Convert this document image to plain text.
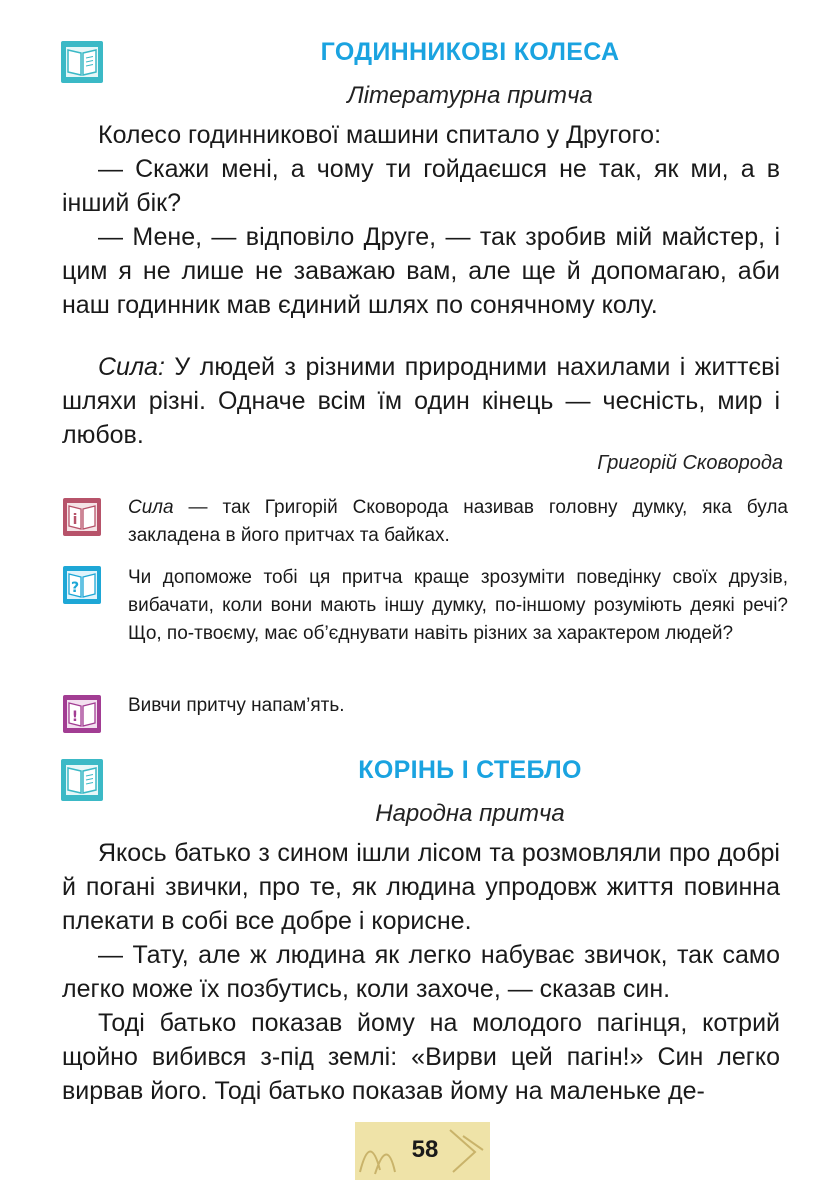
ГОДИННИКОВІ КОЛЕСА
Літературна притча

Колесо годинникової машини спитало у Другого:

— Скажи мені, а чому ти гойдаєшся не так, як ми, а в інший бік?

— Мене, — відповіло Друге, — так зробив мій майстер, і цим я не лише не заважаю вам, але ще й допомагаю, аби наш годинник мав єдиний шлях по сонячному колу.

Сила: У людей з різними природними нахилами і життєві шляхи різні. Одначе всім їм один кінець — чесність, мир і любов.

Григорій Сковорода
i

Сила — так Григорій Сковорода називав головну думку, яка була закладена в його притчах та байках.

?	Чи допоможе тобі ця притча краще зрозуміти поведінку своїх друзів, вибачати, коли вони мають іншу думку, по-іншому розуміють деякі речі? Що, по-твоєму, має об’єднувати навіть різних за характером людей?

!

Вивчи притчу напам’ять.

КОРІНЬ І СТЕБЛО
Народна притча

Якось батько з сином ішли лісом та розмовляли про добрі й погані звички, про те, як людина упродовж життя повинна плекати в собі все добре і корисне.

— Тату, але ж людина як легко набуває звичок, так само легко може їх позбутись, коли захоче, — сказав син.

Тоді батько показав йому на молодого пагінця, котрий щойно вибився з-під землі: «Вирви цей пагін!» Син легко вирвав його. Тоді батько показав йому на маленьке де-

58
